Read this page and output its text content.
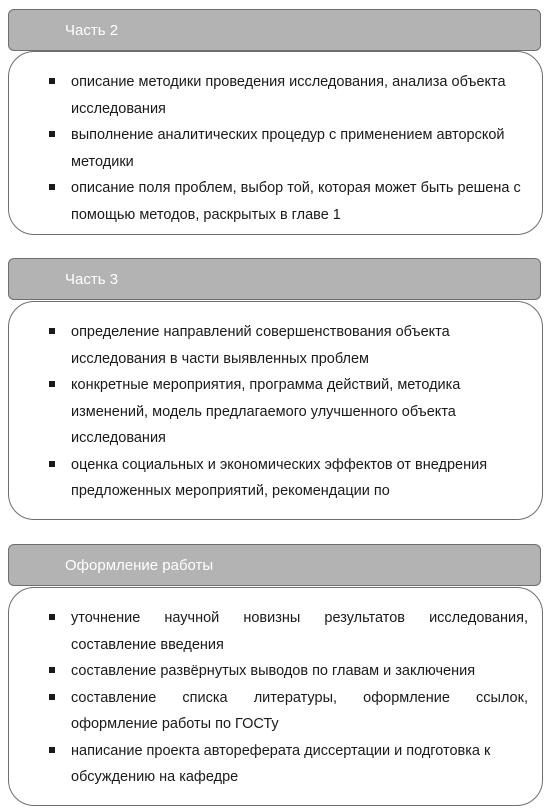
Часть 2
описание методики проведения исследования, анализа объекта исследования
выполнение аналитических процедур с применением авторской методики
описание поля проблем, выбор той, которая может быть решена с помощью методов, раскрытых в главе 1
Часть 3
определение направлений совершенствования объекта исследования в части выявленных проблем
конкретные мероприятия, программа действий, методика изменений, модель предлагаемого улучшенного объекта исследования
оценка социальных и экономических эффектов от внедрения предложенных мероприятий, рекомендации по
Оформление работы
уточнение научной новизны результатов исследования, составление введения
составление развёрнутых выводов по главам и заключения
составление списка литературы, оформление ссылок, оформление работы по ГОСТу
написание проекта автореферата диссертации и подготовка к обсуждению на кафедре
